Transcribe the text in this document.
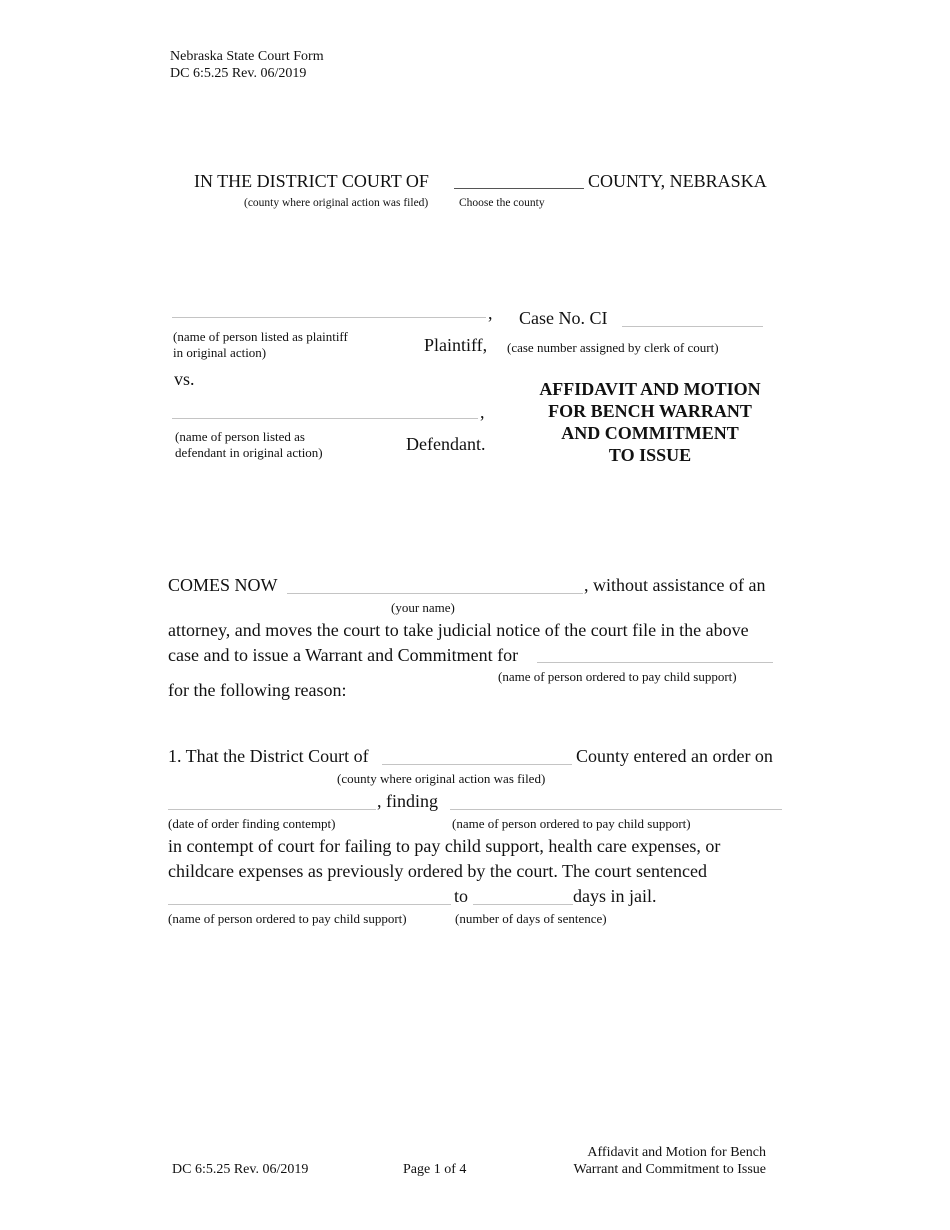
Nebraska State Court Form
DC 6:5.25 Rev. 06/2019
IN THE DISTRICT COURT OF	COUNTY, NEBRASKA
(county where original action was filed)	Choose the county
,
(name of person listed as plaintiff
in original action)	Plaintiff,
vs.
,
(name of person listed as
defendant in original action)	Defendant.
Case No. CI
(case number assigned by clerk of court)
AFFIDAVIT AND MOTION
FOR BENCH WARRANT
AND COMMITMENT
TO ISSUE
COMES NOW	, without assistance of an
(your name)
attorney, and moves the court to take judicial notice of the court file in the above
case and to issue a Warrant and Commitment for
(name of person ordered to pay child support)
for the following reason:
1. That the District Court of	County entered an order on
(county where original action was filed)
, finding
(date of order finding contempt)	(name of person ordered to pay child support)
in contempt of court for failing to pay child support, health care expenses, or
childcare expenses as previously ordered by the court. The court sentenced
to	days in jail.
(name of person ordered to pay child support)	(number of days of sentence)
DC 6:5.25 Rev. 06/2019	Page 1 of 4
Affidavit and Motion for Bench
Warrant and Commitment to Issue
